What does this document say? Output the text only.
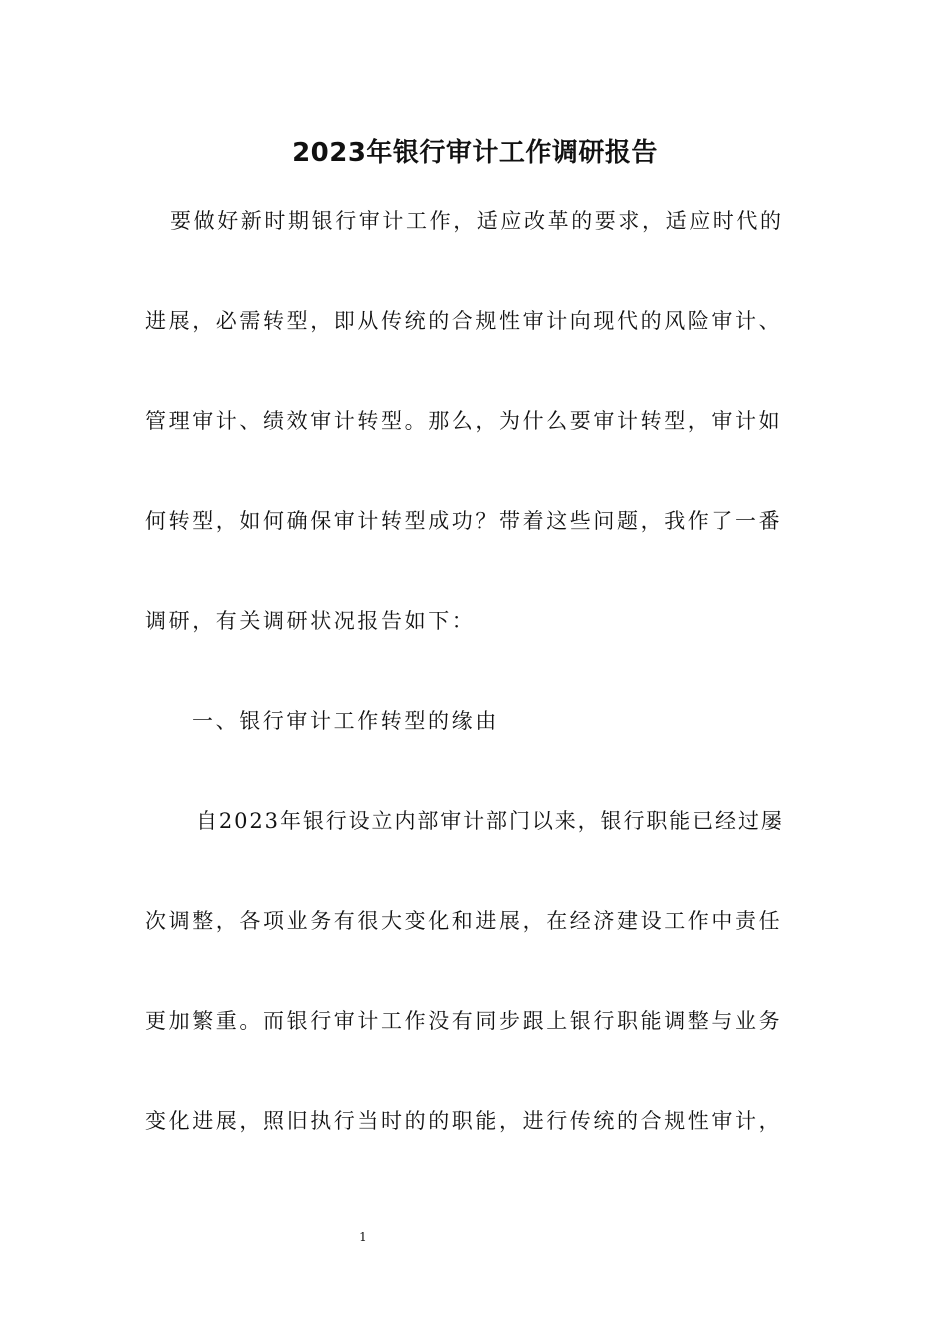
2023年银行审计工作调研报告

要做好新时期银行审计工作，适应改革的要求，适应时代的

进展，必需转型，即从传统的合规性审计向现代的风险审计、

管理审计、绩效审计转型。那么，为什么要审计转型，审计如

何转型，如何确保审计转型成功？带着这些问题，我作了一番

调研，有关调研状况报告如下：

一、银行审计工作转型的缘由

自2023年银行设立内部审计部门以来，银行职能已经过屡

次调整，各项业务有很大变化和进展，在经济建设工作中责任

更加繁重。而银行审计工作没有同步跟上银行职能调整与业务

变化进展，照旧执行当时的的职能，进行传统的合规性审计，

1
